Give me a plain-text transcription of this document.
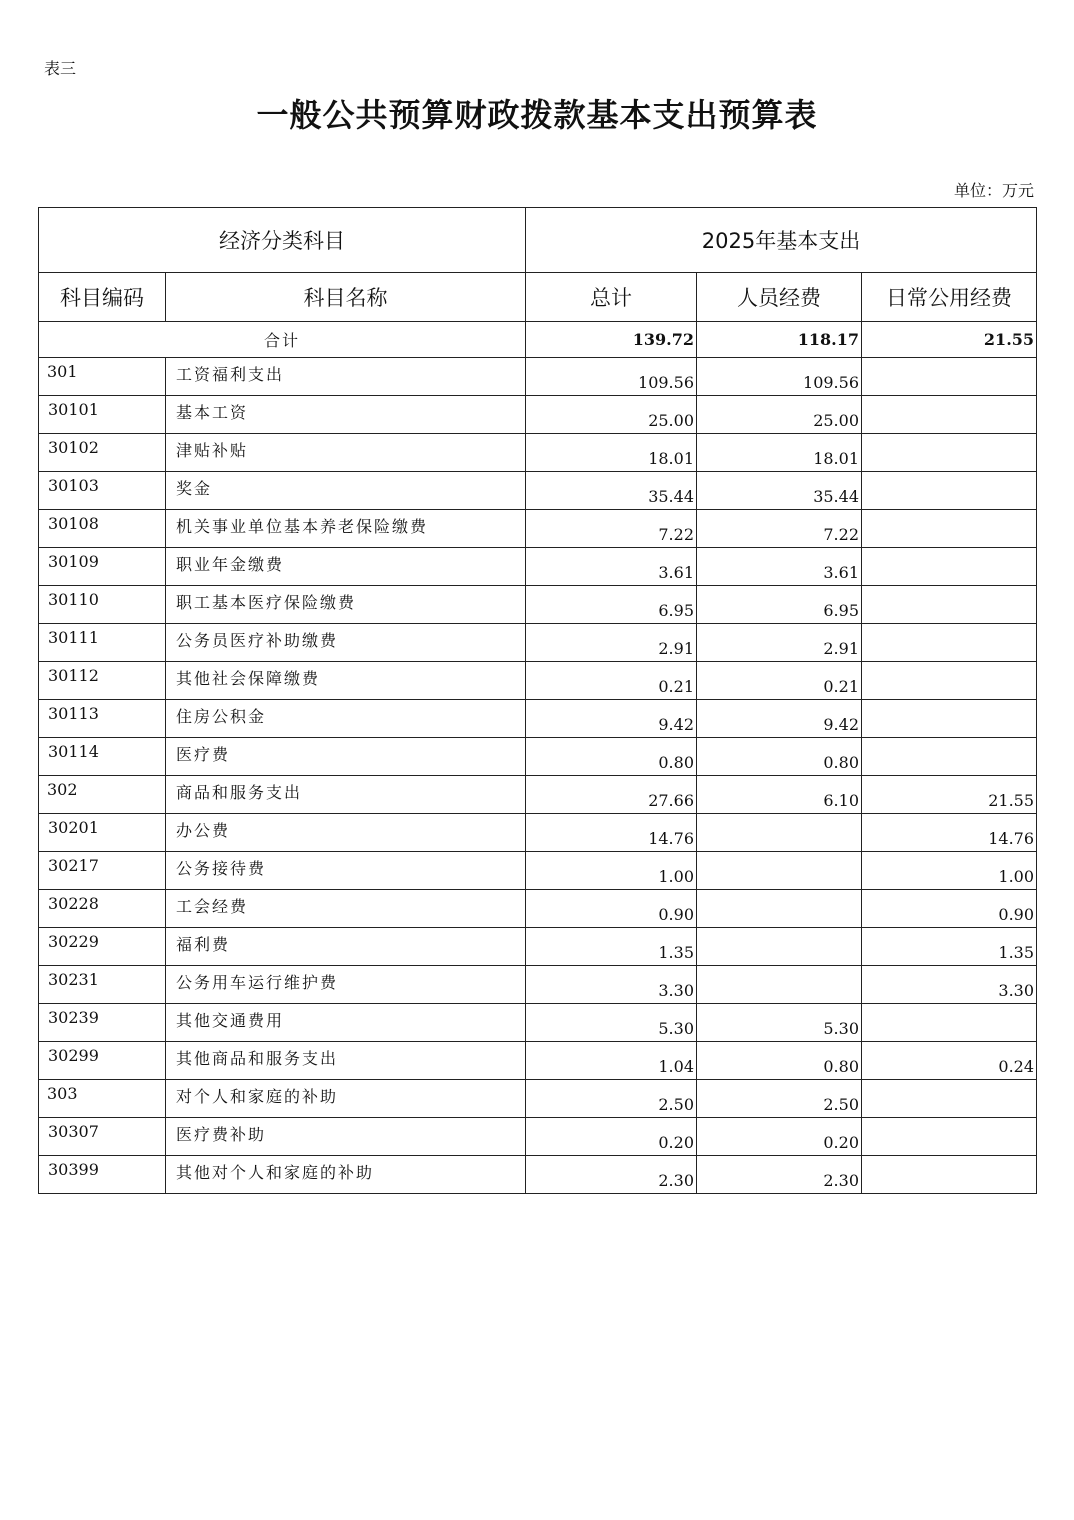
表三
一般公共预算财政拨款基本支出预算表
单位：万元
经济分类科目		2025年基本支出		
科目编码	科目名称	总计	人员经费	日常公用经费
合计		139.72	118.17	21.55
301	工资福利支出	109.56	109.56	
30101	基本工资	25.00	25.00	
30102	津贴补贴	18.01	18.01	
30103	奖金	35.44	35.44	
30108	机关事业单位基本养老保险缴费	7.22	7.22	
30109	职业年金缴费	3.61	3.61	
30110	职工基本医疗保险缴费	6.95	6.95	
30111	公务员医疗补助缴费	2.91	2.91	
30112	其他社会保障缴费	0.21	0.21	
30113	住房公积金	9.42	9.42	
30114	医疗费	0.80	0.80	
302	商品和服务支出	27.66	6.10	21.55
30201	办公费	14.76		14.76
30217	公务接待费	1.00		1.00
30228	工会经费	0.90		0.90
30229	福利费	1.35		1.35
30231	公务用车运行维护费	3.30		3.30
30239	其他交通费用	5.30	5.30	
30299	其他商品和服务支出	1.04	0.80	0.24
303	对个人和家庭的补助	2.50	2.50	
30307	医疗费补助	0.20	0.20	
30399	其他对个人和家庭的补助	2.30	2.30	
